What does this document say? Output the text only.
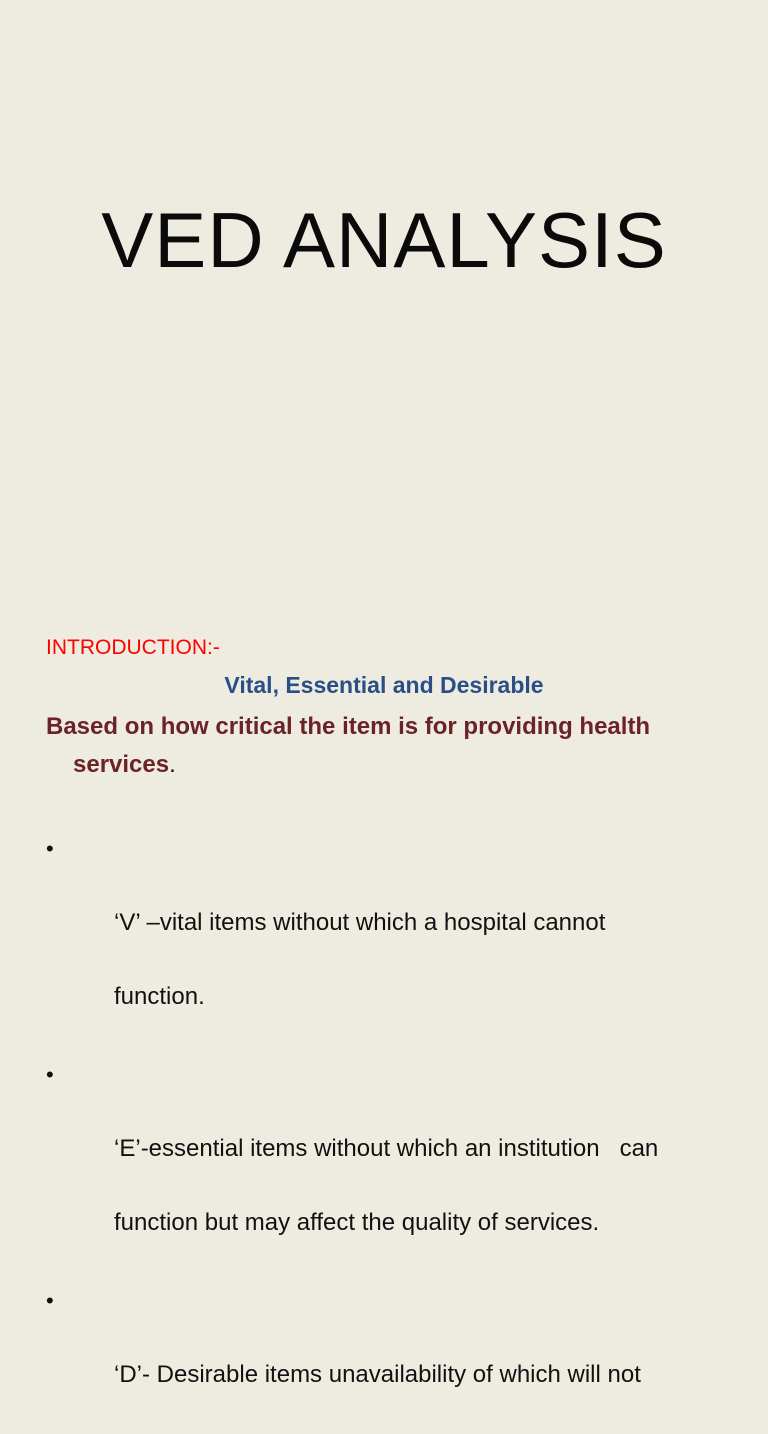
VED ANALYSIS
INTRODUCTION:-
Vital, Essential and Desirable
Based on how critical the item is for providing health
services.

•

‘V’ –vital items without which a hospital cannot

function.

•

‘E’-essential items without which an institution   can

function but may affect the quality of services.

•

‘D’- Desirable items unavailability of which will not
